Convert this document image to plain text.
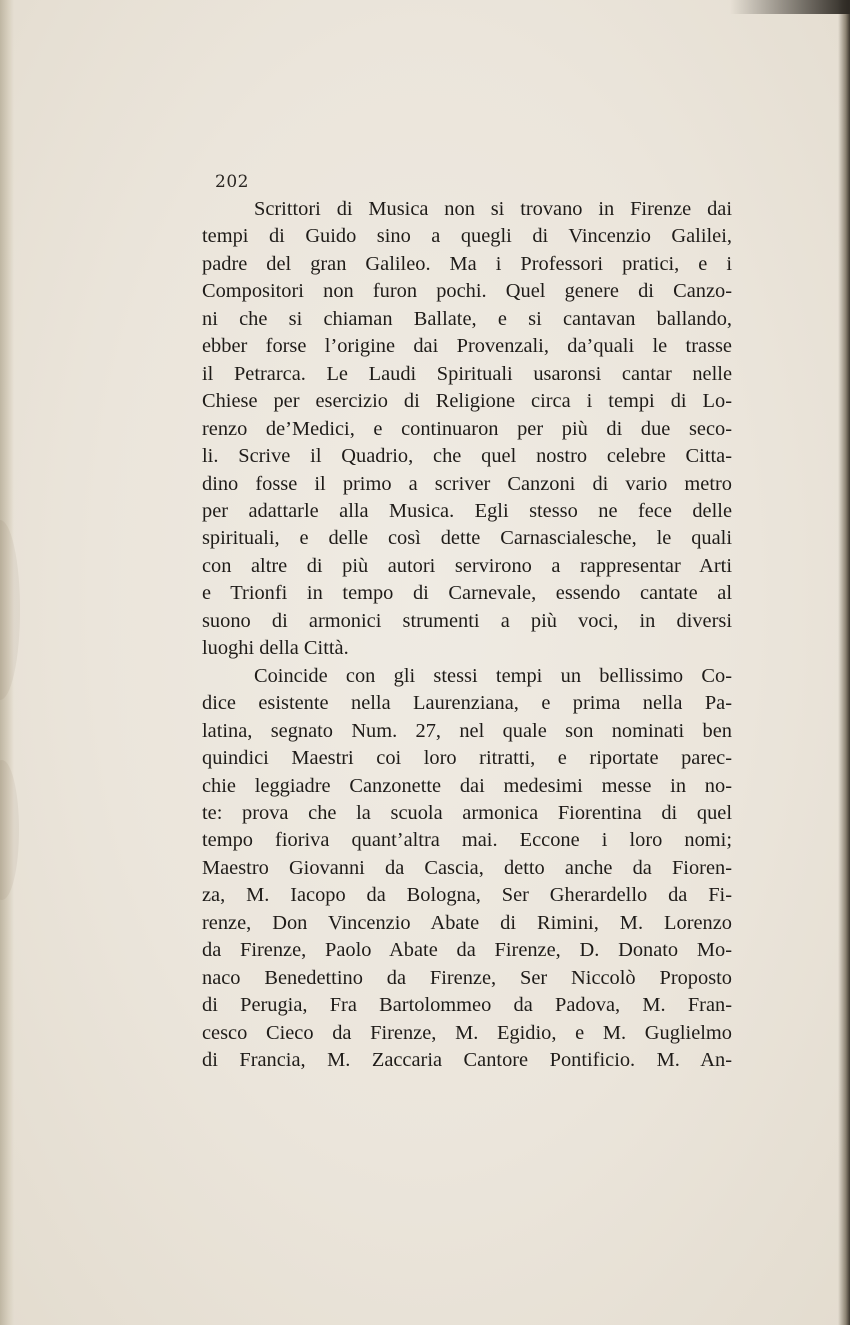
202
Scrittori di Musica non si trovano in Firenze dai
tempi di Guido sino a quegli di Vincenzio Galilei,
padre del gran Galileo. Ma i Professori pratici, e i
Compositori non furon pochi. Quel genere di Canzo-
ni che si chiaman Ballate, e si cantavan ballando,
ebber forse l’origine dai Provenzali, da’quali le trasse
il Petrarca. Le Laudi Spirituali usaronsi cantar nelle
Chiese per esercizio di Religione circa i tempi di Lo-
renzo de’Medici, e continuaron per più di due seco-
li. Scrive il Quadrio, che quel nostro celebre Citta-
dino fosse il primo a scriver Canzoni di vario metro
per adattarle alla Musica. Egli stesso ne fece delle
spirituali, e delle così dette Carnascialesche, le quali
con altre di più autori servirono a rappresentar Arti
e Trionfi in tempo di Carnevale, essendo cantate al
suono di armonici strumenti a più voci, in diversi
luoghi della Città.
Coincide con gli stessi tempi un bellissimo Co-
dice esistente nella Laurenziana, e prima nella Pa-
latina, segnato Num. 27, nel quale son nominati ben
quindici Maestri coi loro ritratti, e riportate parec-
chie leggiadre Canzonette dai medesimi messe in no-
te: prova che la scuola armonica Fiorentina di quel
tempo fioriva quant’altra mai. Eccone i loro nomi;
Maestro Giovanni da Cascia, detto anche da Fioren-
za, M. Iacopo da Bologna, Ser Gherardello da Fi-
renze, Don Vincenzio Abate di Rimini, M. Lorenzo
da Firenze, Paolo Abate da Firenze, D. Donato Mo-
naco Benedettino da Firenze, Ser Niccolò Proposto
di Perugia, Fra Bartolommeo da Padova, M. Fran-
cesco Cieco da Firenze, M. Egidio, e M. Guglielmo
di Francia, M. Zaccaria Cantore Pontificio. M. An-
